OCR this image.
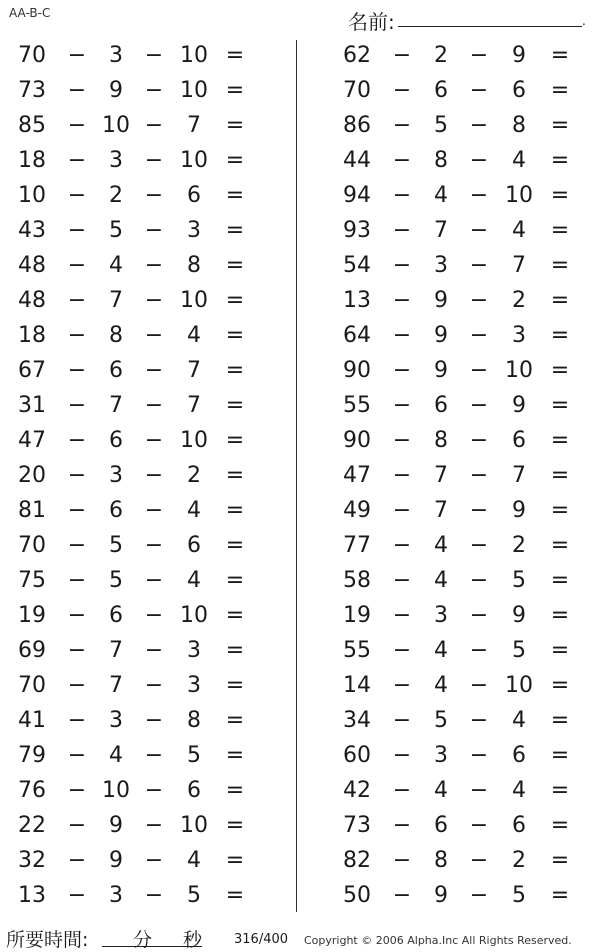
AA-B-C	名前:	.
70 −	3 − 10 =
73 −	9 − 10 =
85 − 10 −	7	=
18 −	3 − 10 =
10 −	2 −	6	=
43 −	5 −	3	=
48 −	4 −	8	=
48 −	7 − 10 =
18 −	8 −	4	=
67 −	6 −	7	=
31 −	7 −	7	=
47 −	6 − 10 =
20 −	3 −	2	=
81 −	6 −	4	=
70 −	5 −	6	=
75 −	5 −	4	=
19 −	6 − 10 =
69 −	7 −	3	=
70 −	7 −	3	=
41 −	3 −	8	=
79 −	4 −	5	=
76 − 10 −	6	=
22 −	9 − 10 =
32 −	9 −	4	=
13 −	3 −	5	=
62 −	2 −	9	=
70 −	6 −	6	=
86 −	5 −	8	=
44 −	8 −	4	=
94 −	4 − 10 =
93 −	7 −	4	=
54 −	3 −	7	=
13 −	9 −	2	=
64 −	9 −	3	=
90 −	9 − 10 =
55 −	6 −	9	=
90 −	8 −	6	=
47 −	7 −	7	=
49 −	7 −	9	=
77 −	4 −	2	=
58 −	4 −	5	=
19 −	3 −	9	=
55 −	4 −	5	=
14 −	4 − 10 =
34 −	5 −	4	=
60 −	3 −	6	=
42 −	4 −	4	=
73 −	6 −	6	=
82 −	8 −	2	=
50 −	9 −	5	=
所要時間: 分 秒 316/400 Copyright © 2006 Alpha.Inc All Rights Reserved.
